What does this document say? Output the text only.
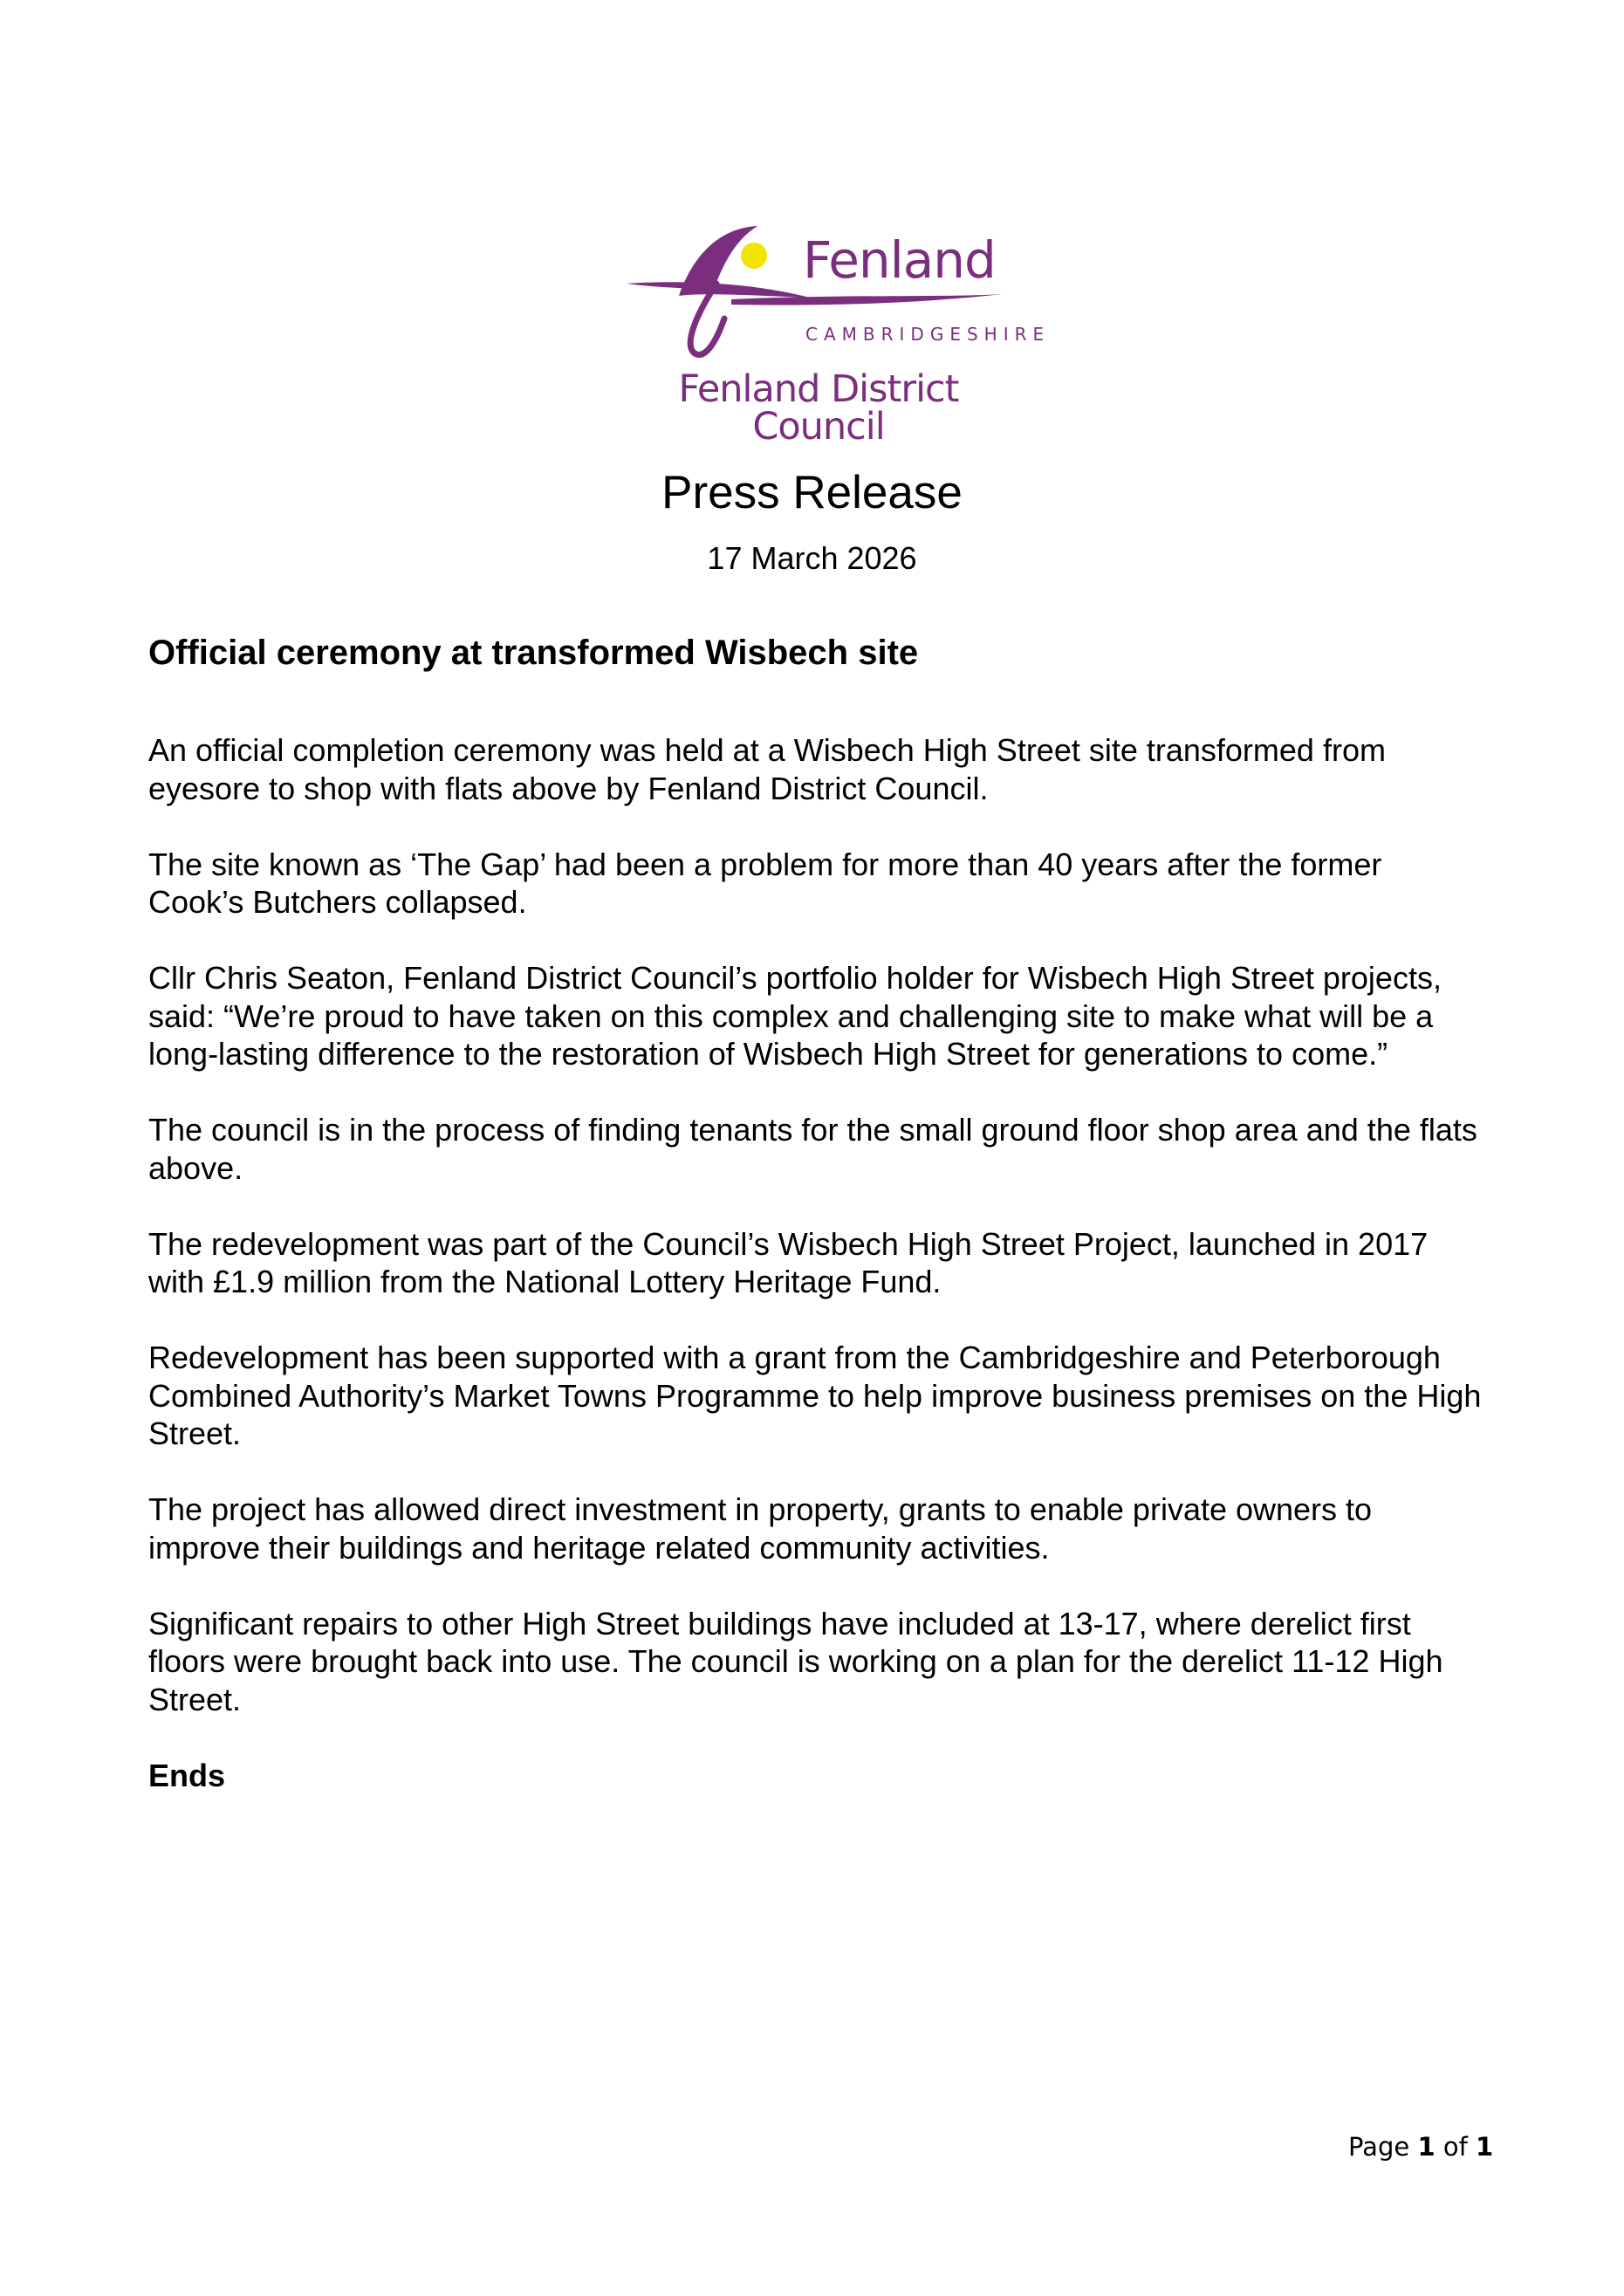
Fenland
CAMBRIDGESHIRE
Fenland District Council
Press Release
17 March 2026
Official ceremony at transformed Wisbech site

An official completion ceremony was held at a Wisbech High Street site transformed from eyesore to shop with flats above by Fenland District Council.

The site known as ‘The Gap’ had been a problem for more than 40 years after the former Cook’s Butchers collapsed.

Cllr Chris Seaton, Fenland District Council’s portfolio holder for Wisbech High Street projects, said: “We’re proud to have taken on this complex and challenging site to make what will be a long-lasting difference to the restoration of Wisbech High Street for generations to come.”

The council is in the process of finding tenants for the small ground floor shop area and the flats above.

The redevelopment was part of the Council’s Wisbech High Street Project, launched in 2017 with £1.9 million from the National Lottery Heritage Fund.

Redevelopment has been supported with a grant from the Cambridgeshire and Peterborough Combined Authority’s Market Towns Programme to help improve business premises on the High Street.

The project has allowed direct investment in property, grants to enable private owners to improve their buildings and heritage related community activities.

Significant repairs to other High Street buildings have included at 13-17, where derelict first floors were brought back into use. The council is working on a plan for the derelict 11-12 High Street.

Ends

Page 1 of 1
